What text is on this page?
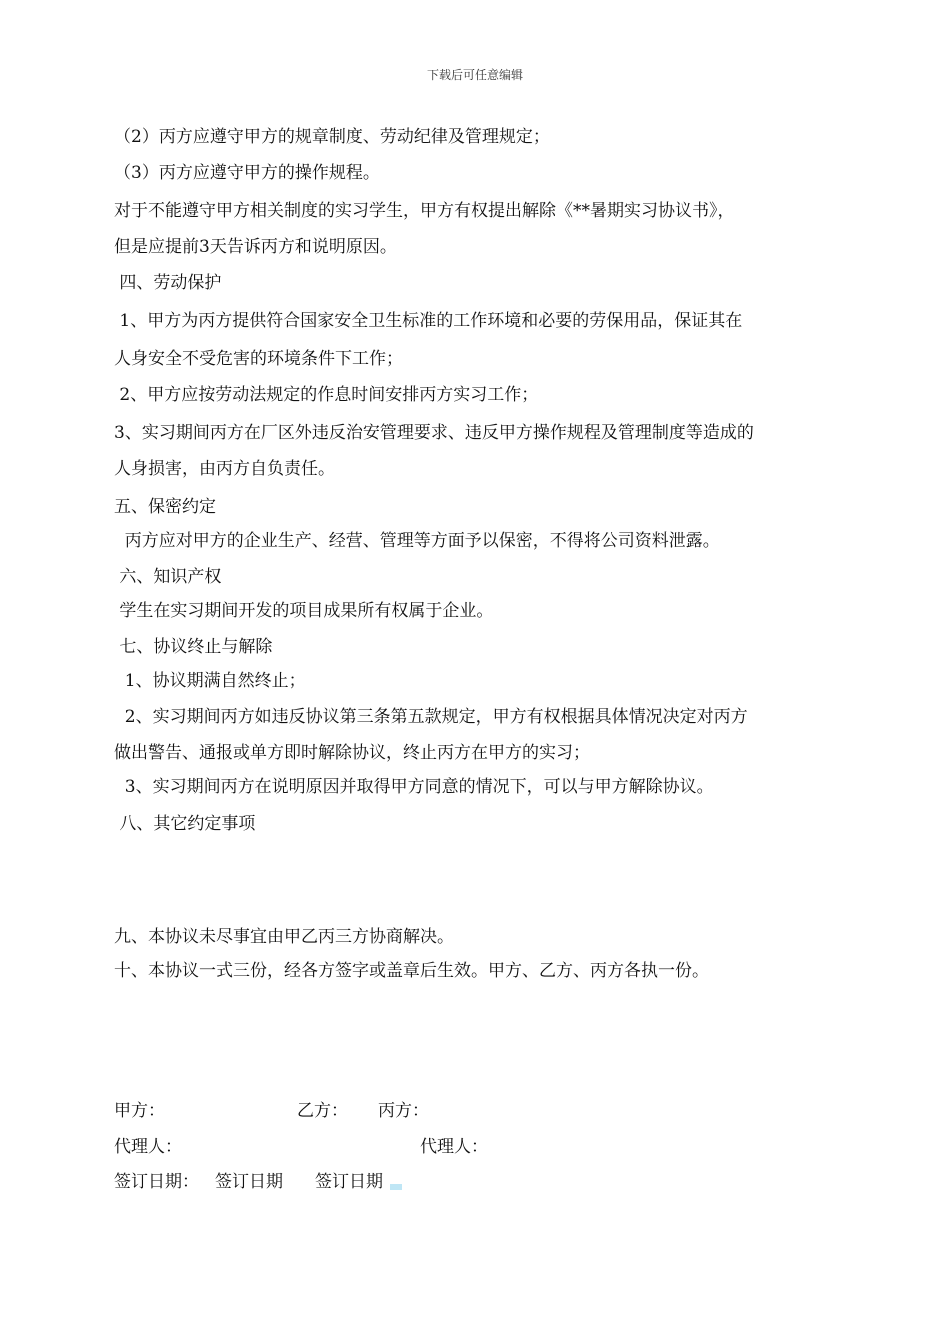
下载后可任意编辑
（2）丙方应遵守甲方的规章制度、劳动纪律及管理规定；
（3）丙方应遵守甲方的操作规程。
对于不能遵守甲方相关制度的实习学生，甲方有权提出解除《**暑期实习协议书》，
但是应提前3天告诉丙方和说明原因。
四、劳动保护
1、甲方为丙方提供符合国家安全卫生标准的工作环境和必要的劳保用品，保证其在
人身安全不受危害的环境条件下工作；
2、甲方应按劳动法规定的作息时间安排丙方实习工作；
3、实习期间丙方在厂区外违反治安管理要求、违反甲方操作规程及管理制度等造成的
人身损害，由丙方自负责任。
五、保密约定
丙方应对甲方的企业生产、经营、管理等方面予以保密，不得将公司资料泄露。
六、知识产权
学生在实习期间开发的项目成果所有权属于企业。
七、协议终止与解除
1、协议期满自然终止；
2、实习期间丙方如违反协议第三条第五款规定，甲方有权根据具体情况决定对丙方
做出警告、通报或单方即时解除协议，终止丙方在甲方的实习；
3、实习期间丙方在说明原因并取得甲方同意的情况下，可以与甲方解除协议。
八、其它约定事项
九、本协议未尽事宜由甲乙丙三方协商解决。
十、本协议一式三份，经各方签字或盖章后生效。甲方、乙方、丙方各执一份。
甲方：	乙方： 丙方：
代理人：	代理人：
签订日期： 签订日期 签订日期
